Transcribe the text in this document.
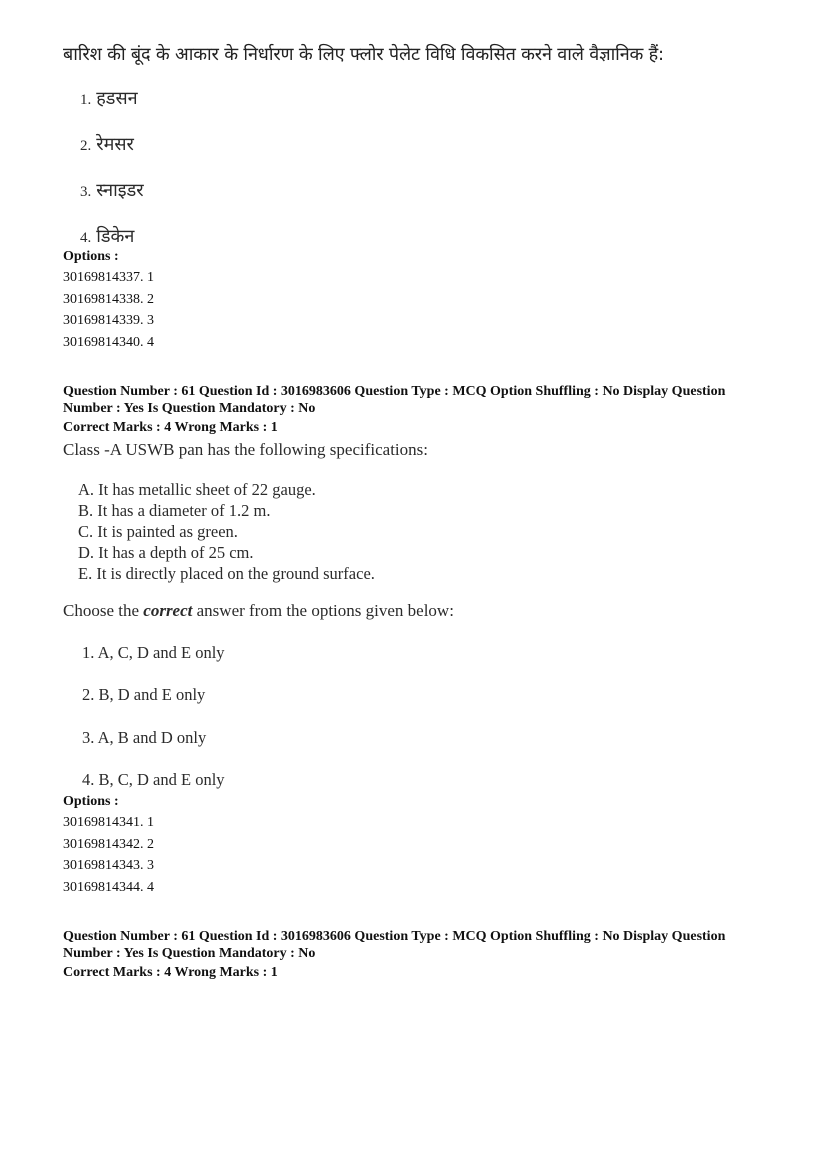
बारिश की बूंद के आकार के निर्धारण के लिए फ्लोर पेलेट विधि विकसित करने वाले वैज्ञानिक हैं:
1. हडसन
2. रेमसर
3. स्नाइडर
4. डिकेन
Options :
30169814337. 1
30169814338. 2
30169814339. 3
30169814340. 4
Question Number : 61 Question Id : 3016983606 Question Type : MCQ Option Shuffling : No Display Question
Number : Yes Is Question Mandatory : No
Correct Marks : 4 Wrong Marks : 1
Class -A USWB pan has the following specifications:
A. It has metallic sheet of 22 gauge.
B. It has a diameter of 1.2 m.
C. It is painted as green.
D. It has a depth of 25 cm.
E. It is directly placed on the ground surface.
Choose the correct answer from the options given below:
1. A, C, D and E only
2. B, D and E only
3. A, B and D only
4. B, C, D and E only
Options :
30169814341. 1
30169814342. 2
30169814343. 3
30169814344. 4
Question Number : 61 Question Id : 3016983606 Question Type : MCQ Option Shuffling : No Display Question
Number : Yes Is Question Mandatory : No
Correct Marks : 4 Wrong Marks : 1
